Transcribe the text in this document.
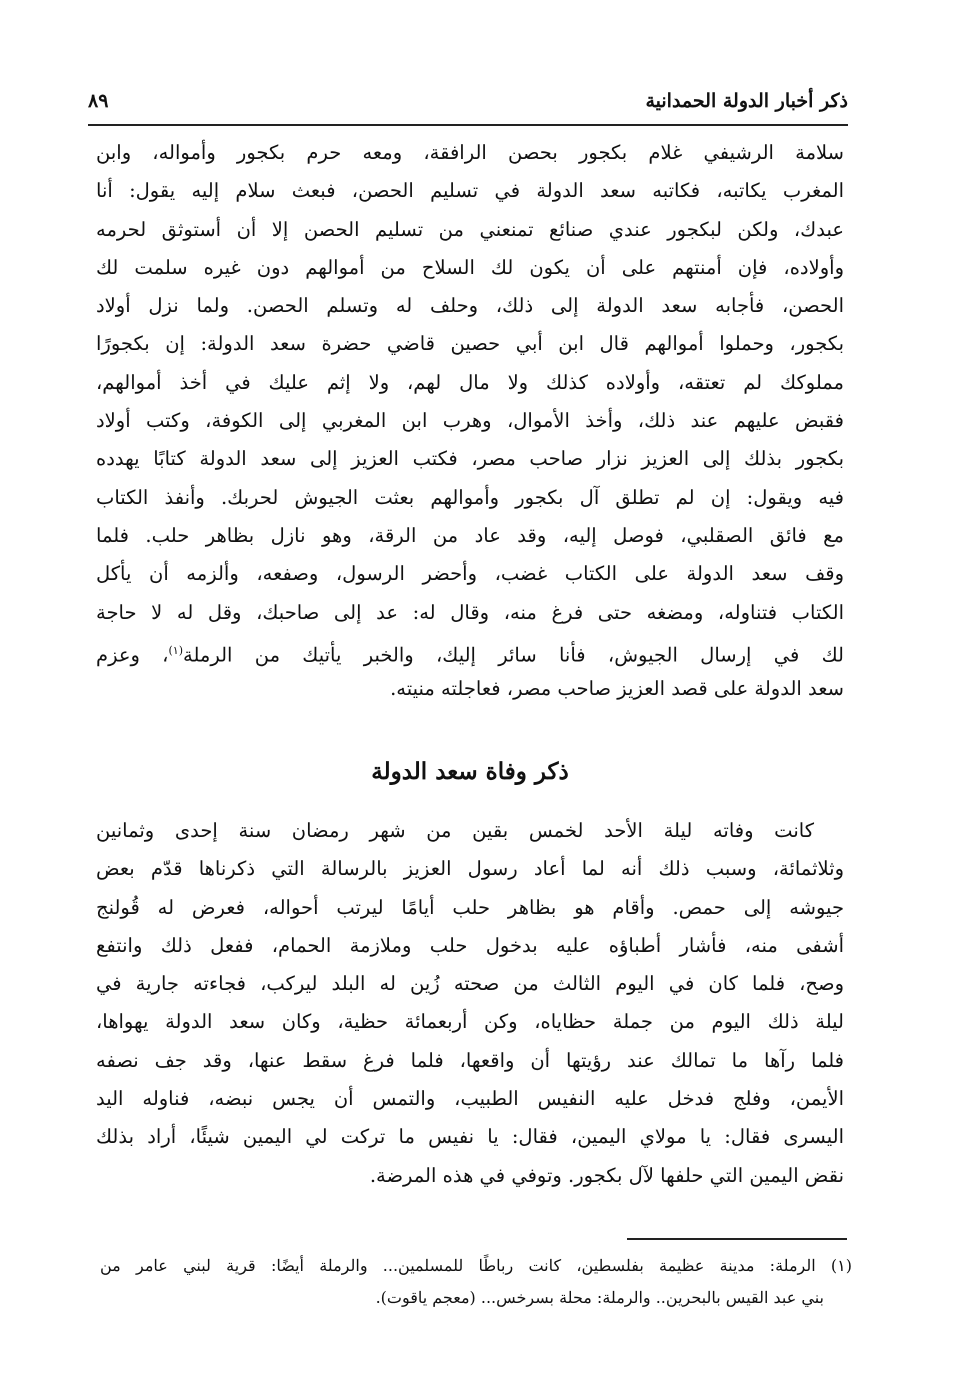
ذكر أخبار الدولة الحمدانية
٨٩
سلامة الرشيفي غلام بكجور بحصن الرافقة، ومعه حرم بكجور وأمواله، وابن
المغرب يكاتبه، فكاتبه سعد الدولة في تسليم الحصن، فبعث سلام إليه يقول: أنا
عبدك، ولكن لبكجور عندي صنائع تمنعني من تسليم الحصن إلا أن أستوثق لحرمه
وأولاده، فإن أمنتهم على أن يكون لك السلاح من أموالهم دون غيره سلمت لك
الحصن، فأجابه سعد الدولة إلى ذلك، وحلف له وتسلم الحصن. ولما نزل أولاد
بكجور، وحملوا أموالهم قال ابن أبي حصين قاضي حضرة سعد الدولة: إن بكجورًا
مملوكك لم تعتقه، وأولاده كذلك ولا مال لهم، ولا إثم عليك في أخذ أموالهم،
فقبض عليهم عند ذلك، وأخذ الأموال، وهرب ابن المغربي إلى الكوفة، وكتب أولاد
بكجور بذلك إلى العزيز نزار صاحب مصر، فكتب العزيز إلى سعد الدولة كتابًا يهدده
فيه ويقول: إن لم تطلق آل بكجور وأموالهم بعثت الجيوش لحربك. وأنفذ الكتاب
مع فائق الصقلبي، فوصل إليه، وقد عاد من الرقة، وهو نازل بظاهر حلب. فلما
وقف سعد الدولة على الكتاب غضب، وأحضر الرسول، وصفعه، وألزمه أن يأكل
الكتاب فتناوله، ومضغه حتى فرغ منه، وقال له: عد إلى صاحبك، وقل له لا حاجة
لك في إرسال الجيوش، فأنا سائر إليك، والخبر يأتيك من الرملة$^{(١)}$، وعزم
سعد الدولة على قصد العزيز صاحب مصر، فعاجلته منيته.
ذكر وفاة سعد الدولة
كانت وفاته ليلة الأحد لخمس بقين من شهر رمضان سنة إحدى وثمانين
وثلاثمائة، وسبب ذلك أنه لما أعاد رسول العزيز بالرسالة التي ذكرناها قدّم بعض
جيوشه إلى حمص. وأقام هو بظاهر حلب أيامًا ليرتب أحواله، فعرض له قُولنج
أشفى منه، فأشار أطباؤه عليه بدخول حلب وملازمة الحمام، ففعل ذلك وانتفع
وصح، فلما كان في اليوم الثالث من صحته زُين له البلد ليركب، فجاءته جارية في
ليلة ذلك اليوم من جملة حظاياه، وكن أربعمائة حظية، وكان سعد الدولة يهواها،
فلما رآها ما تمالك عند رؤيتها أن واقعها، فلما فرغ سقط عنها، وقد جف نصفه
الأيمن، وفلج فدخل عليه النفيس الطبيب، والتمس أن يجس نبضه، فناوله اليد
اليسرى فقال: يا مولاي اليمين، فقال: يا نفيس ما تركت لي اليمين شيئًا، أراد بذلك
نقض اليمين التي حلفها لآل بكجور. وتوفي في هذه المرضة.
(١) الرملة: مدينة عظيمة بفلسطين، كانت رباطًا للمسلمين... والرملة أيضًا: قرية لبني عامر من
بني عبد القيس بالبحرين.. والرملة: محلة بسرخس... (معجم ياقوت).
